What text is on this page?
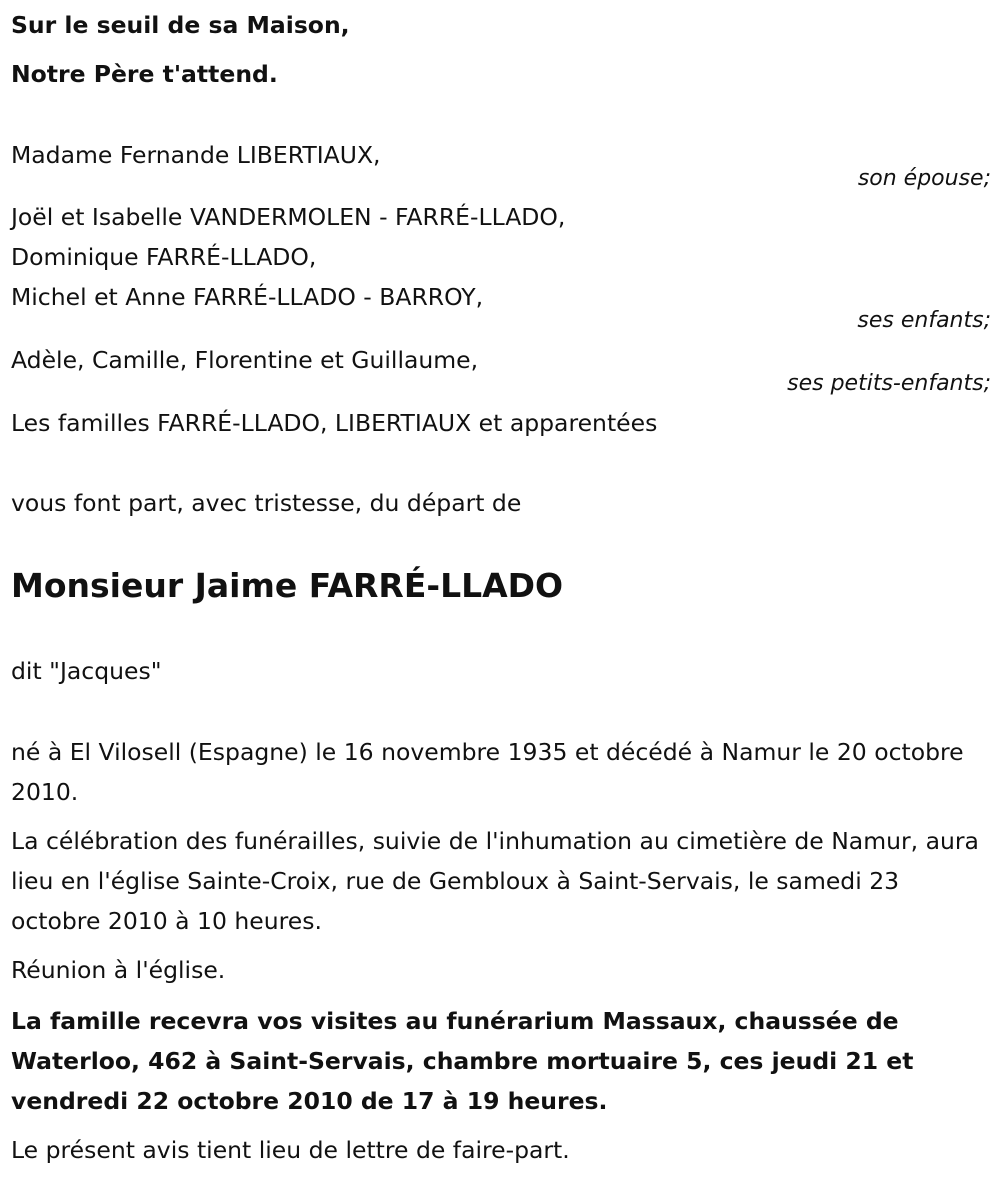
Sur le seuil de sa Maison,
Notre Père t'attend.
Madame Fernande LIBERTIAUX,
son épouse;
Joël et Isabelle VANDERMOLEN - FARRÉ-LLADO,
Dominique FARRÉ-LLADO,
Michel et Anne FARRÉ-LLADO - BARROY,
ses enfants;
Adèle, Camille, Florentine et Guillaume,
ses petits-enfants;
Les familles FARRÉ-LLADO, LIBERTIAUX et apparentées
vous font part, avec tristesse, du départ de
Monsieur Jaime FARRÉ-LLADO
dit "Jacques"
né à El Vilosell (Espagne) le 16 novembre 1935 et décédé à Namur le 20 octobre 2010.
La célébration des funérailles, suivie de l'inhumation au cimetière de Namur, aura lieu en l'église Sainte-Croix, rue de Gembloux à Saint-Servais, le samedi 23 octobre 2010 à 10 heures.
Réunion à l'église.
La famille recevra vos visites au funérarium Massaux, chaussée de Waterloo, 462 à Saint-Servais, chambre mortuaire 5, ces jeudi 21 et vendredi 22 octobre 2010 de 17 à 19 heures.
Le présent avis tient lieu de lettre de faire-part.
